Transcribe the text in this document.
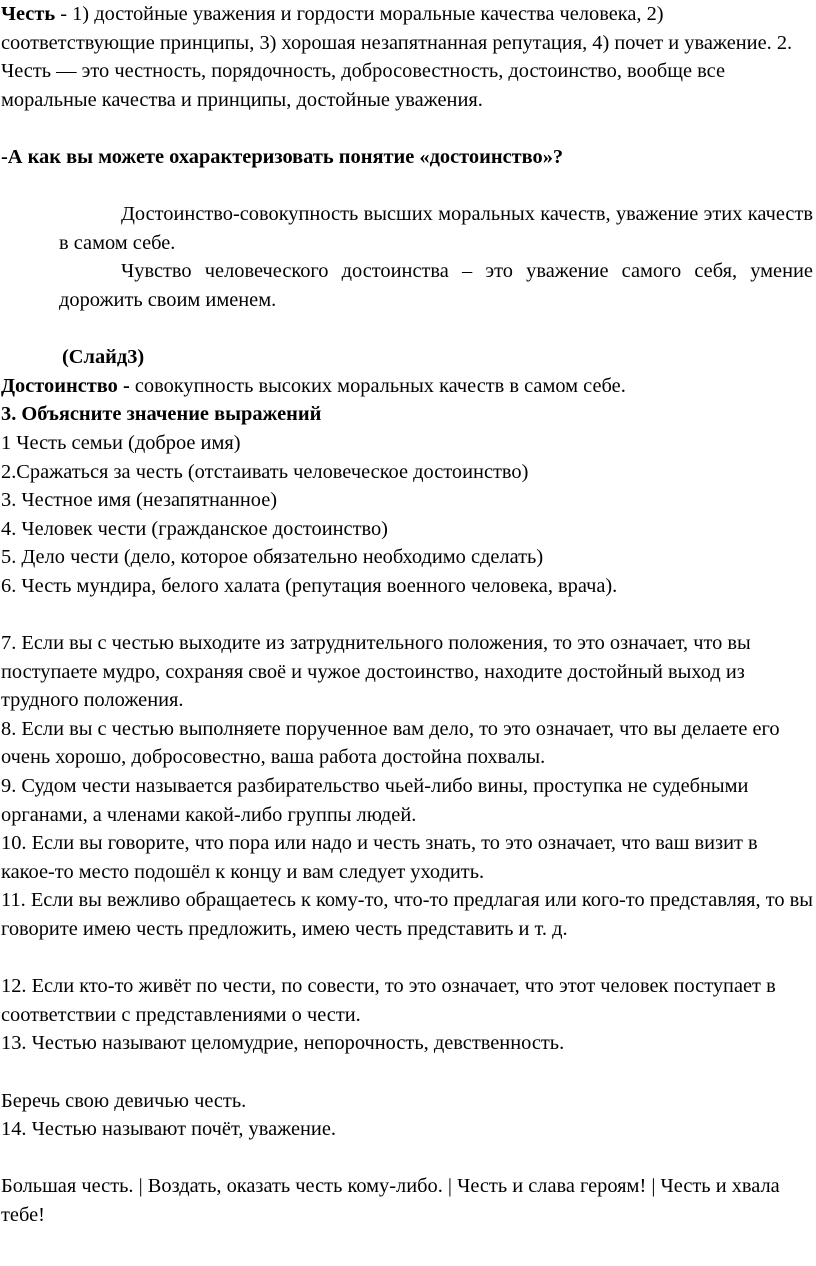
Честь - 1) достойные уважения и гордости моральные качества человека, 2) соответствующие принципы, 3) хорошая незапятнанная репутация, 4) почет и уважение. 2. Честь — это честность, порядочность, добросовестность, достоинство, вообще все моральные качества и принципы, достойные уважения.

-А как вы можете охарактеризовать понятие «достоинство»?

Достоинство-совокупность высших моральных качеств, уважение этих качеств в самом себе.

Чувство человеческого достоинства – это уважение самого себя, умение дорожить своим именем.

(Слайд3)

Достоинство - совокупность высоких моральных качеств в самом себе.

3. Объясните значение выражений

1 Честь семьи (доброе имя)

2.Сражаться за честь (отстаивать человеческое достоинство)

3. Честное имя (незапятнанное)

4. Человек чести (гражданское достоинство)

5. Дело чести (дело, которое обязательно необходимо сделать)

6. Честь мундира, белого халата (репутация военного человека, врача).

7. Если вы с честью выходите из затруднительного положения, то это означает, что вы поступаете мудро, сохраняя своё и чужое достоинство, находите достойный выход из трудного положения.

8. Если вы с честью выполняете порученное вам дело, то это означает, что вы делаете его очень хорошо, добросовестно, ваша работа достойна похвалы.

9. Судом чести называется разбирательство чьей-либо вины, проступка не судебными органами, а членами какой-либо группы людей.

10. Если вы говорите, что пора или надо и честь знать, то это означает, что ваш визит в какое-то место подошёл к концу и вам следует уходить.

11. Если вы вежливо обращаетесь к кому-то, что-то предлагая или кого-то представляя, то вы говорите имею честь предложить, имею честь представить и т. д.

12. Если кто-то живёт по чести, по совести, то это означает, что этот человек поступает в соответствии с представлениями о чести.

13. Честью называют целомудрие, непорочность, девственность.

Беречь свою девичью честь.

14. Честью называют почёт, уважение.

Большая честь. | Воздать, оказать честь кому-либо. | Честь и слава героям! | Честь и хвала тебе!
